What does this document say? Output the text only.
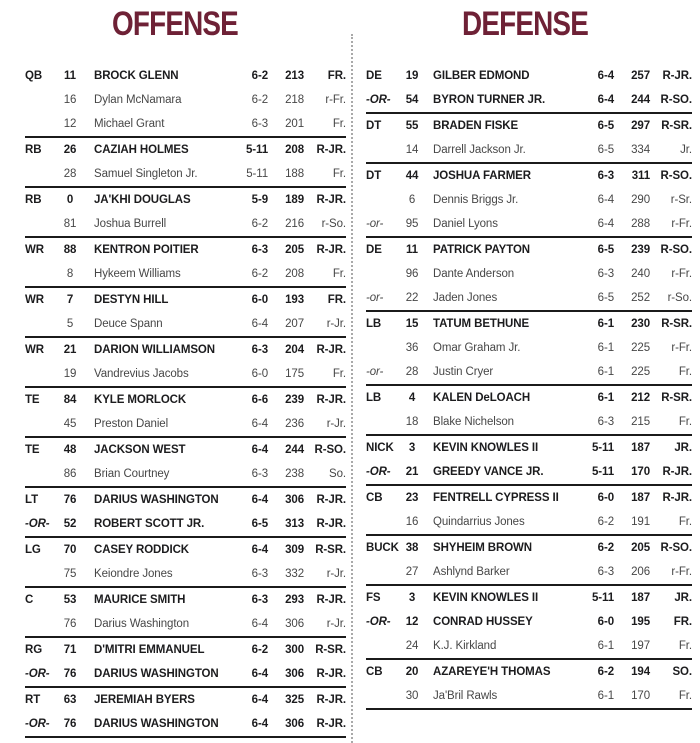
OFFENSE
QB	11	BROCK GLENN	6-2	213	FR.
16	Dylan McNamara	6-2	218	r-Fr.
12	Michael Grant	6-3	201	Fr.
RB	26	CAZIAH HOLMES	5-11	208	R-JR.
28	Samuel Singleton Jr.	5-11	188	Fr.
RB	0	JA'KHI DOUGLAS	5-9	189	R-JR.
81	Joshua Burrell	6-2	216	r-So.
WR	88	KENTRON POITIER	6-3	205	R-JR.
8	Hykeem Williams	6-2	208	Fr.
WR	7	DESTYN HILL	6-0	193	FR.
5	Deuce Spann	6-4	207	r-Jr.
WR	21	DARION WILLIAMSON	6-3	204	R-JR.
19	Vandrevius Jacobs	6-0	175	Fr.
TE	84	KYLE MORLOCK	6-6	239	R-JR.
45	Preston Daniel	6-4	236	r-Jr.
TE	48	JACKSON WEST	6-4	244 R-SO.
86	Brian Courtney	6-3	238	So.
LT	76	DARIUS WASHINGTON	6-4	306	R-JR.
-OR-	52	ROBERT SCOTT JR.	6-5	313	R-JR.
LG	70	CASEY RODDICK	6-4	309 R-SR.
75	Keiondre Jones	6-3	332	r-Jr.
C	53	MAURICE SMITH	6-3	293	R-JR.
76	Darius Washington	6-4	306	r-Jr.
RG	71	D'MITRI EMMANUEL	6-2	300 R-SR.
-OR-	76	DARIUS WASHINGTON	6-4	306	R-JR.
RT	63	JEREMIAH BYERS	6-4	325	R-JR.
-OR-	76	DARIUS WASHINGTON	6-4	306	R-JR.
DEFENSE
DE	19	GILBER EDMOND	6-4	257	R-JR.
-OR-	54	BYRON TURNER JR.	6-4	244 R-SO.
DT	55	BRADEN FISKE	6-5	297 R-SR.
14	Darrell Jackson Jr.	6-5	334	Jr.
DT	44	JOSHUA FARMER	6-3	311 R-SO.
6	Dennis Briggs Jr.	6-4	290	r-Sr.
-or-	95	Daniel Lyons	6-4	288	r-Fr.
DE	11	PATRICK PAYTON	6-5	239 R-SO.
96	Dante Anderson	6-3	240	r-Fr.
-or-	22	Jaden Jones	6-5	252	r-So.
LB	15	TATUM BETHUNE	6-1	230 R-SR.
36	Omar Graham Jr.	6-1	225	r-Fr.
-or-	28	Justin Cryer	6-1	225	Fr.
LB	4	KALEN DeLOACH	6-1	212 R-SR.
18	Blake Nichelson	6-3	215	Fr.
NICK	3	KEVIN KNOWLES II	5-11	187	JR.
-OR-	21	GREEDY VANCE JR.	5-11	170	R-JR.
CB	23	FENTRELL CYPRESS II	6-0	187	R-JR.
16	Quindarrius Jones	6-2	191	Fr.
BUCK 38	SHYHEIM BROWN	6-2	205 R-SO.
27	Ashlynd Barker	6-3	206	r-Fr.
FS	3	KEVIN KNOWLES II	5-11	187	JR.
-OR-	12	CONRAD HUSSEY	6-0	195	FR.
24	K.J. Kirkland	6-1	197	Fr.
CB	20	AZAREYE'H THOMAS	6-2	194	SO.
30	Ja'Bril Rawls	6-1	170	Fr.
